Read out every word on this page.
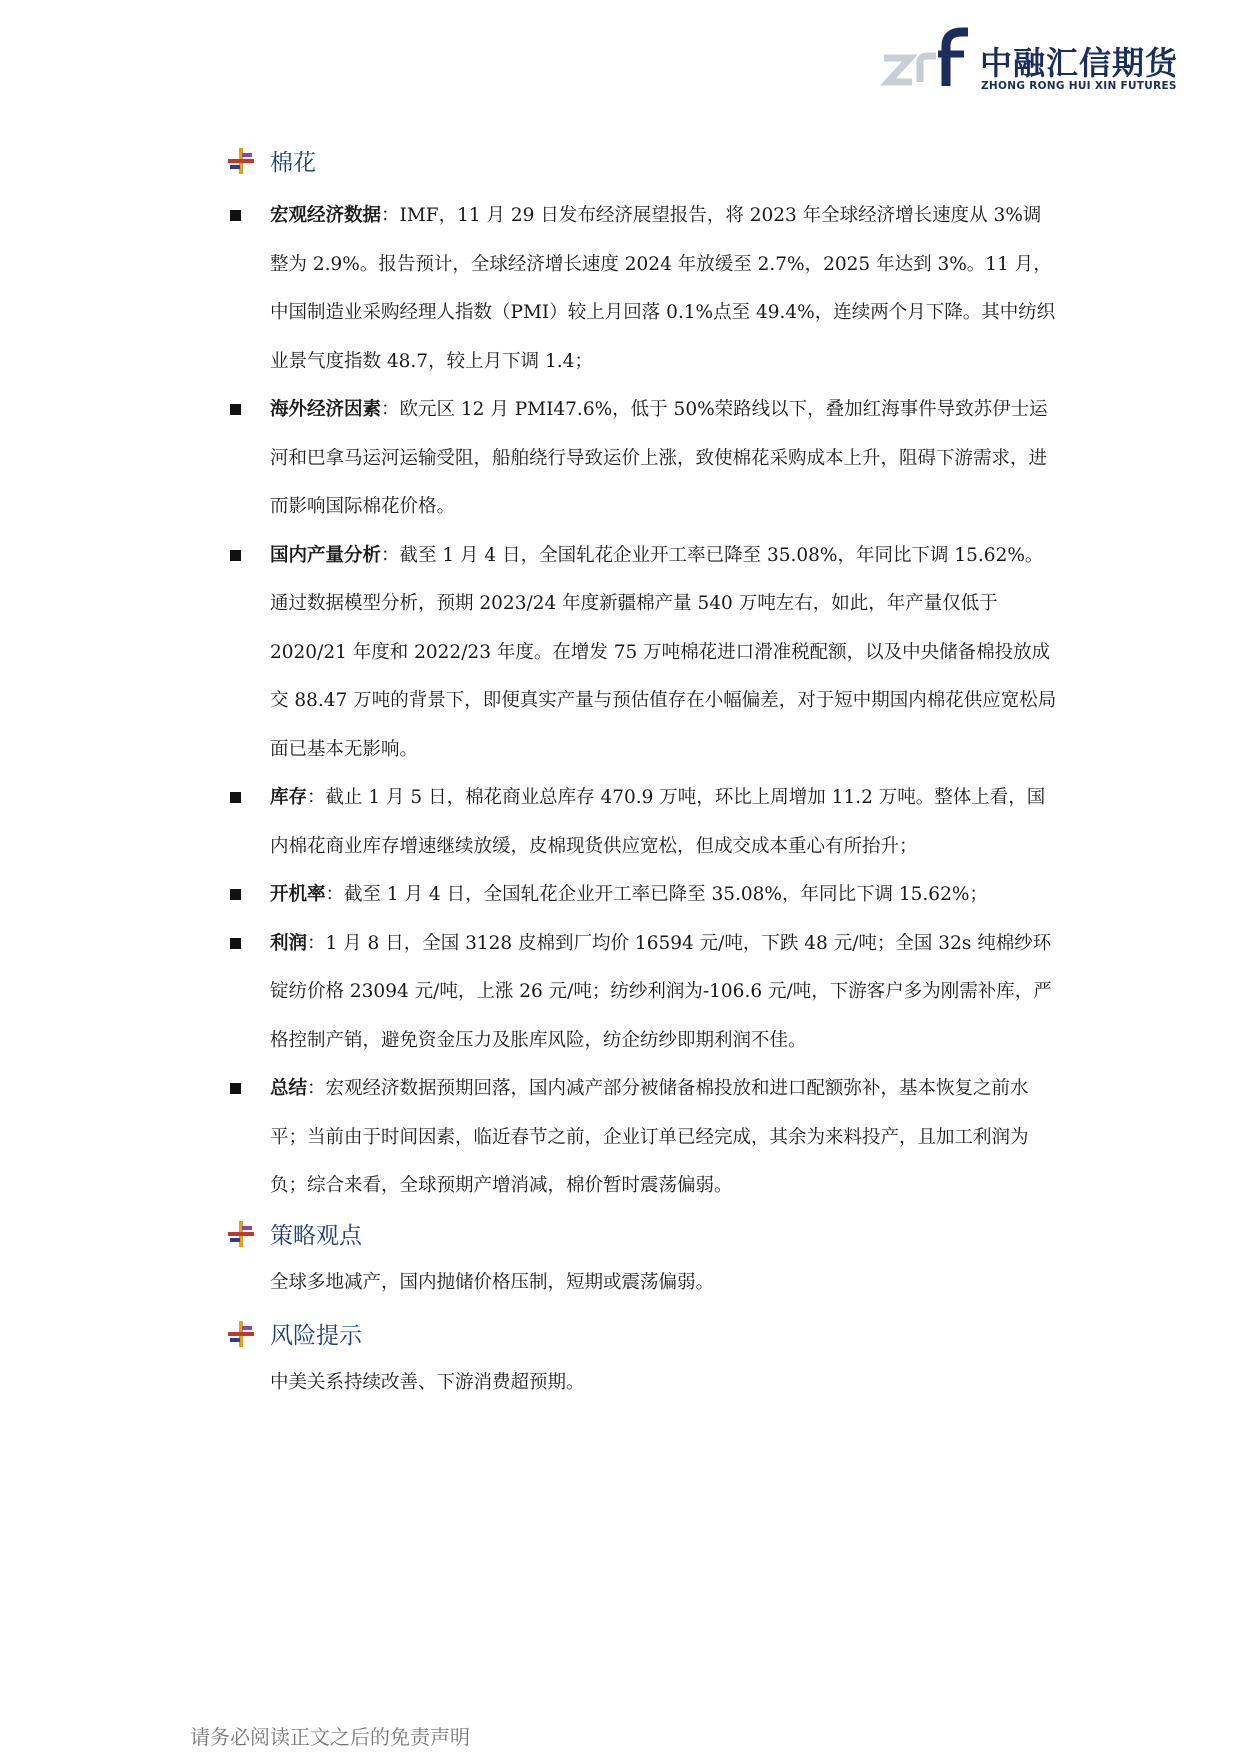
中融汇信期货
ZHONG RONG HUI XIN FUTURES
棉花
宏观经济数据：IMF，11 月 29 日发布经济展望报告，将 2023 年全球经济增长速度从 3%调整为 2.9%。报告预计，全球经济增长速度 2024 年放缓至 2.7%，2025 年达到 3%。11 月，中国制造业采购经理人指数（PMI）较上月回落 0.1%点至 49.4%，连续两个月下降。其中纺织业景气度指数 48.7，较上月下调 1.4；
海外经济因素：欧元区 12 月 PMI47.6%，低于 50%荣路线以下，叠加红海事件导致苏伊士运河和巴拿马运河运输受阻，船舶绕行导致运价上涨，致使棉花采购成本上升，阻碍下游需求，进而影响国际棉花价格。
国内产量分析：截至 1 月 4 日，全国轧花企业开工率已降至 35.08%，年同比下调 15.62%。通过数据模型分析，预期 2023/24 年度新疆棉产量 540 万吨左右，如此，年产量仅低于 2020/21 年度和 2022/23 年度。在增发 75 万吨棉花进口滑准税配额，以及中央储备棉投放成交 88.47 万吨的背景下，即便真实产量与预估值存在小幅偏差，对于短中期国内棉花供应宽松局面已基本无影响。
库存：截止 1 月 5 日，棉花商业总库存 470.9 万吨，环比上周增加 11.2 万吨。整体上看，国内棉花商业库存增速继续放缓，皮棉现货供应宽松，但成交成本重心有所抬升；
开机率：截至 1 月 4 日，全国轧花企业开工率已降至 35.08%，年同比下调 15.62%；
利润：1 月 8 日，全国 3128 皮棉到厂均价 16594 元/吨，下跌 48 元/吨；全国 32s 纯棉纱环锭纺价格 23094 元/吨，上涨 26 元/吨；纺纱利润为-106.6 元/吨，下游客户多为刚需补库，严格控制产销，避免资金压力及胀库风险，纺企纺纱即期利润不佳。
总结：宏观经济数据预期回落，国内减产部分被储备棉投放和进口配额弥补，基本恢复之前水平；当前由于时间因素，临近春节之前，企业订单已经完成，其余为来料投产，且加工利润为负；综合来看，全球预期产增消减，棉价暂时震荡偏弱。
策略观点

全球多地减产，国内抛储价格压制，短期或震荡偏弱。

风险提示

中美关系持续改善、下游消费超预期。

请务必阅读正文之后的免责声明
